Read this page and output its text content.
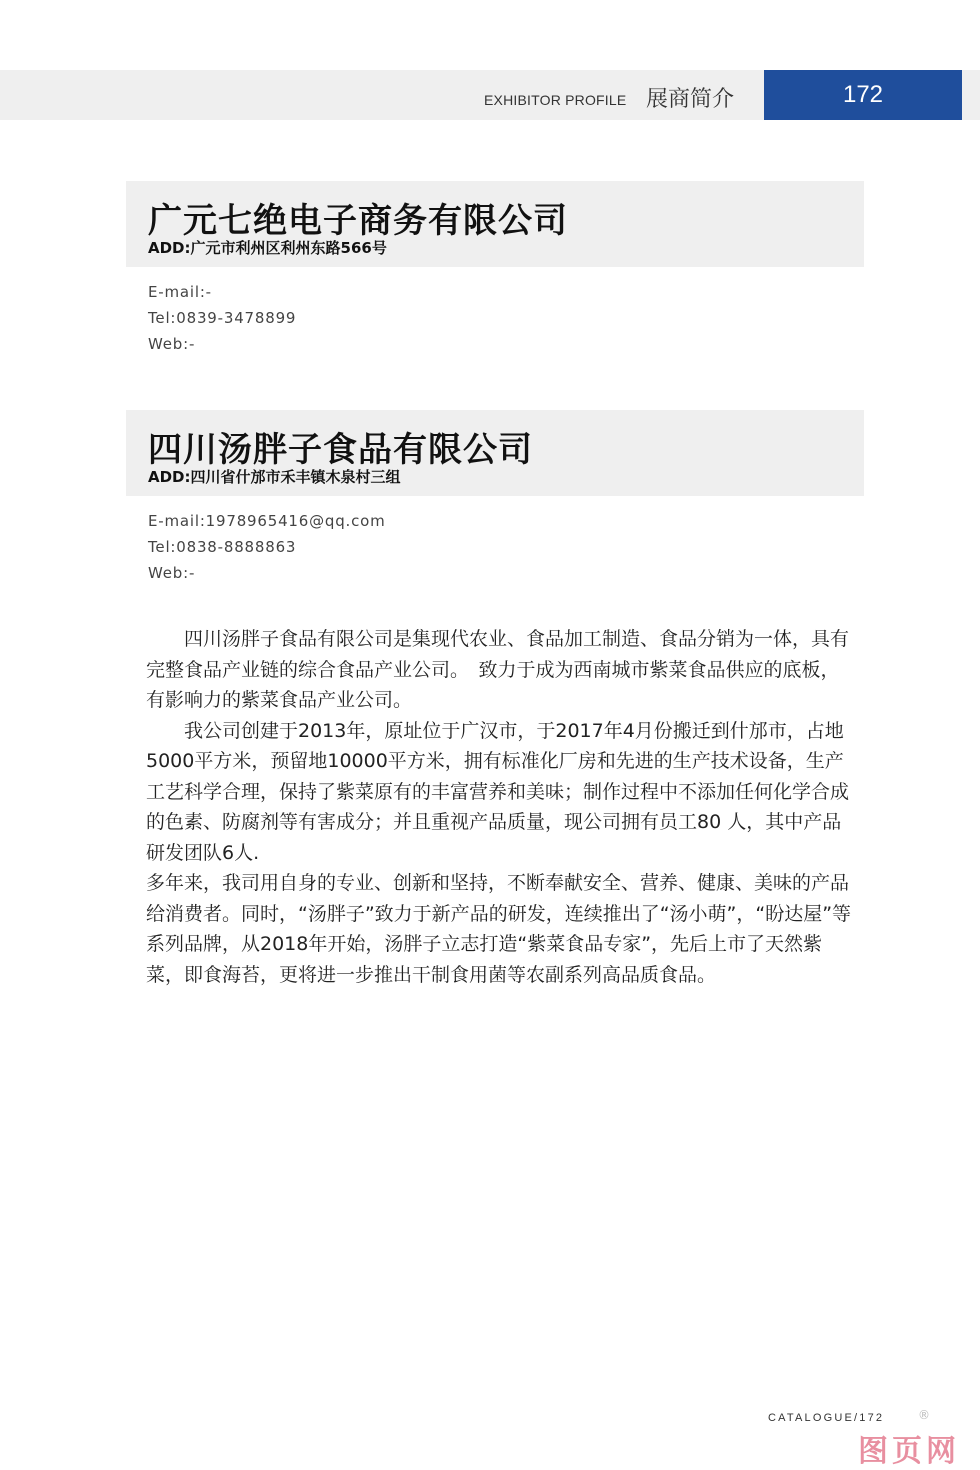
EXHIBITOR PROFILE 展商简介	172
广元七绝电子商务有限公司
ADD:广元市利州区利州东路566号
E-mail:-
Tel:0839-3478899
Web:-
四川汤胖子食品有限公司
ADD:四川省什邡市禾丰镇木泉村三组
E-mail:1978965416@qq.com
Tel:0838-8888863
Web:-

　　四川汤胖子食品有限公司是集现代农业、食品加工制造、食品分销为一体，具有完整食品产业链的综合食品产业公司。　致力于成为西南城市紫菜食品供应的底板，有影响力的紫菜食品产业公司。

　　我公司创建于2013年，原址位于广汉市，于2017年4月份搬迁到什邡市，占地5000平方米，预留地10000平方米，拥有标准化厂房和先进的生产技术设备，生产工艺科学合理，保持了紫菜原有的丰富营养和美味；制作过程中不添加任何化学合成的色素、防腐剂等有害成分；并且重视产品质量，现公司拥有员工80 人，其中产品研发团队6人.

多年来，我司用自身的专业、创新和坚持，不断奉献安全、营养、健康、美味的产品给消费者。同时，“汤胖子”致力于新产品的研发，连续推出了“汤小萌”，“盼达屋”等系列品牌，从2018年开始，汤胖子立志打造“紫菜食品专家”，先后上市了天然紫菜，即食海苔，更将进一步推出干制食用菌等农副系列高品质食品。

CATALOGUE/172	®
图页网
